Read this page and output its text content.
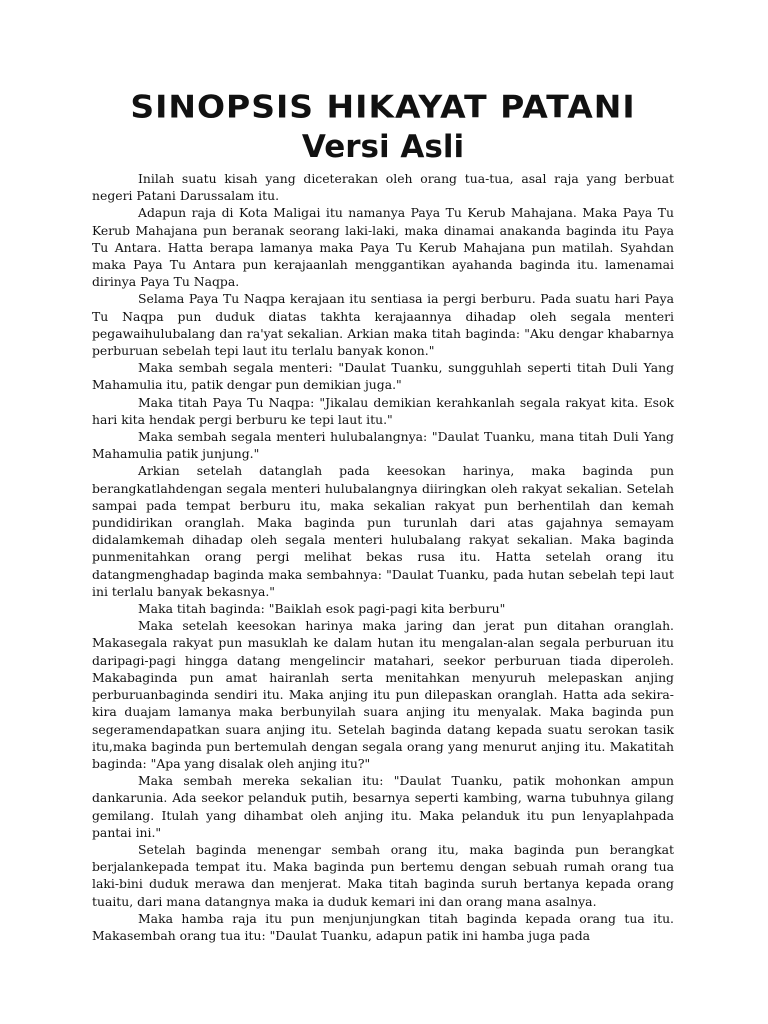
SINOPSIS HIKAYAT PATANI
Versi Asli

Inilah suatu kisah yang diceterakan oleh orang tua-tua, asal raja yang berbuat negeri Patani Darussalam itu.

Adapun raja di Kota Maligai itu namanya Paya Tu Kerub Mahajana. Maka Paya Tu Kerub Mahajana pun beranak seorang laki-laki, maka dinamai anakanda baginda itu Paya Tu Antara. Hatta berapa lamanya maka Paya Tu Kerub Mahajana pun matilah. Syahdan maka Paya Tu Antara pun kerajaanlah menggantikan ayahanda baginda itu. lamenamai dirinya Paya Tu Naqpa.

Selama Paya Tu Naqpa kerajaan itu sentiasa ia pergi berburu. Pada suatu hari Paya Tu Naqpa pun duduk diatas takhta kerajaannya dihadap oleh segala menteri pegawaihulubalang dan ra'yat sekalian. Arkian maka titah baginda: "Aku dengar khabarnya perburuan sebelah tepi laut itu terlalu banyak konon."

Maka sembah segala menteri: "Daulat Tuanku, sungguhlah seperti titah Duli Yang Mahamulia itu, patik dengar pun demikian juga."

Maka titah Paya Tu Naqpa: "Jikalau demikian kerahkanlah segala rakyat kita. Esok hari kita hendak pergi berburu ke tepi laut itu."

Maka sembah segala menteri hulubalangnya: "Daulat Tuanku, mana titah Duli Yang Mahamulia patik junjung."

Arkian setelah datanglah pada keesokan harinya, maka baginda pun berangkatlahdengan segala menteri hulubalangnya diiringkan oleh rakyat sekalian. Setelah sampai pada tempat berburu itu, maka sekalian rakyat pun berhentilah dan kemah pundidirikan oranglah. Maka baginda pun turunlah dari atas gajahnya semayam didalamkemah dihadap oleh segala menteri hulubalang rakyat sekalian. Maka baginda punmenitahkan orang pergi melihat bekas rusa itu. Hatta setelah orang itu datangmenghadap baginda maka sembahnya: "Daulat Tuanku, pada hutan sebelah tepi laut ini terlalu banyak bekasnya."

Maka titah baginda: "Baiklah esok pagi-pagi kita berburu"

Maka setelah keesokan harinya maka jaring dan jerat pun ditahan oranglah. Makasegala rakyat pun masuklah ke dalam hutan itu mengalan-alan segala perburuan itu daripagi-pagi hingga datang mengelincir matahari, seekor perburuan tiada diperoleh. Makabaginda pun amat hairanlah serta menitahkan menyuruh melepaskan anjing perburuanbaginda sendiri itu. Maka anjing itu pun dilepaskan oranglah. Hatta ada sekira-kira duajam lamanya maka berbunyilah suara anjing itu menyalak. Maka baginda pun segeramendapatkan suara anjing itu. Setelah baginda datang kepada suatu serokan tasik itu,maka baginda pun bertemulah dengan segala orang yang menurut anjing itu. Makatitah baginda: "Apa yang disalak oleh anjing itu?"

Maka sembah mereka sekalian itu: "Daulat Tuanku, patik mohonkan ampun dankarunia. Ada seekor pelanduk putih, besarnya seperti kambing, warna tubuhnya gilang gemilang. Itulah yang dihambat oleh anjing itu. Maka pelanduk itu pun lenyaplahpada pantai ini."

Setelah baginda menengar sembah orang itu, maka baginda pun berangkat berjalankepada tempat itu. Maka baginda pun bertemu dengan sebuah rumah orang tua laki-bini duduk merawa dan menjerat. Maka titah baginda suruh bertanya kepada orang tuaitu, dari mana datangnya maka ia duduk kemari ini dan orang mana asalnya.

Maka hamba raja itu pun menjunjungkan titah baginda kepada orang tua itu. Makasembah orang tua itu: "Daulat Tuanku, adapun patik ini hamba juga pada
